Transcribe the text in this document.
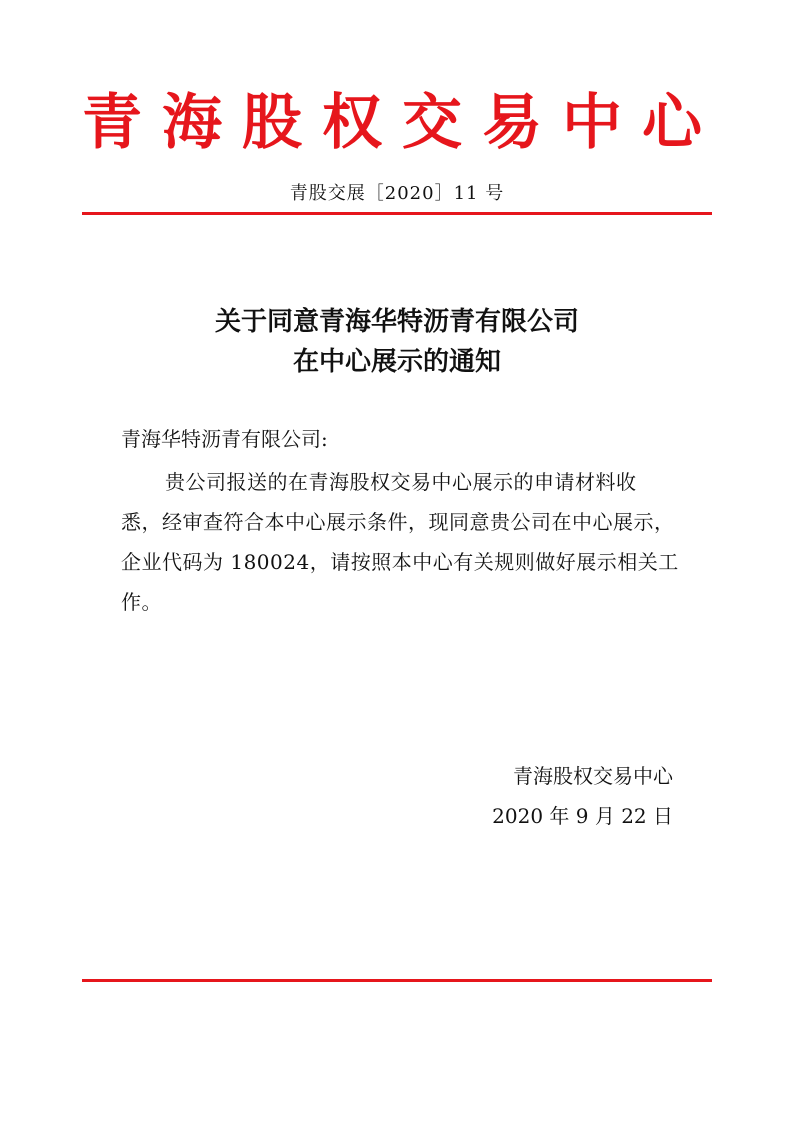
青海股权交易中心
青股交展［2020］11 号
关于同意青海华特沥青有限公司
在中心展示的通知
青海华特沥青有限公司:
贵公司报送的在青海股权交易中心展示的申请材料收
悉，经审查符合本中心展示条件，现同意贵公司在中心展示，
企业代码为 180024，请按照本中心有关规则做好展示相关工
作。
青海股权交易中心
2020 年 9 月 22 日
